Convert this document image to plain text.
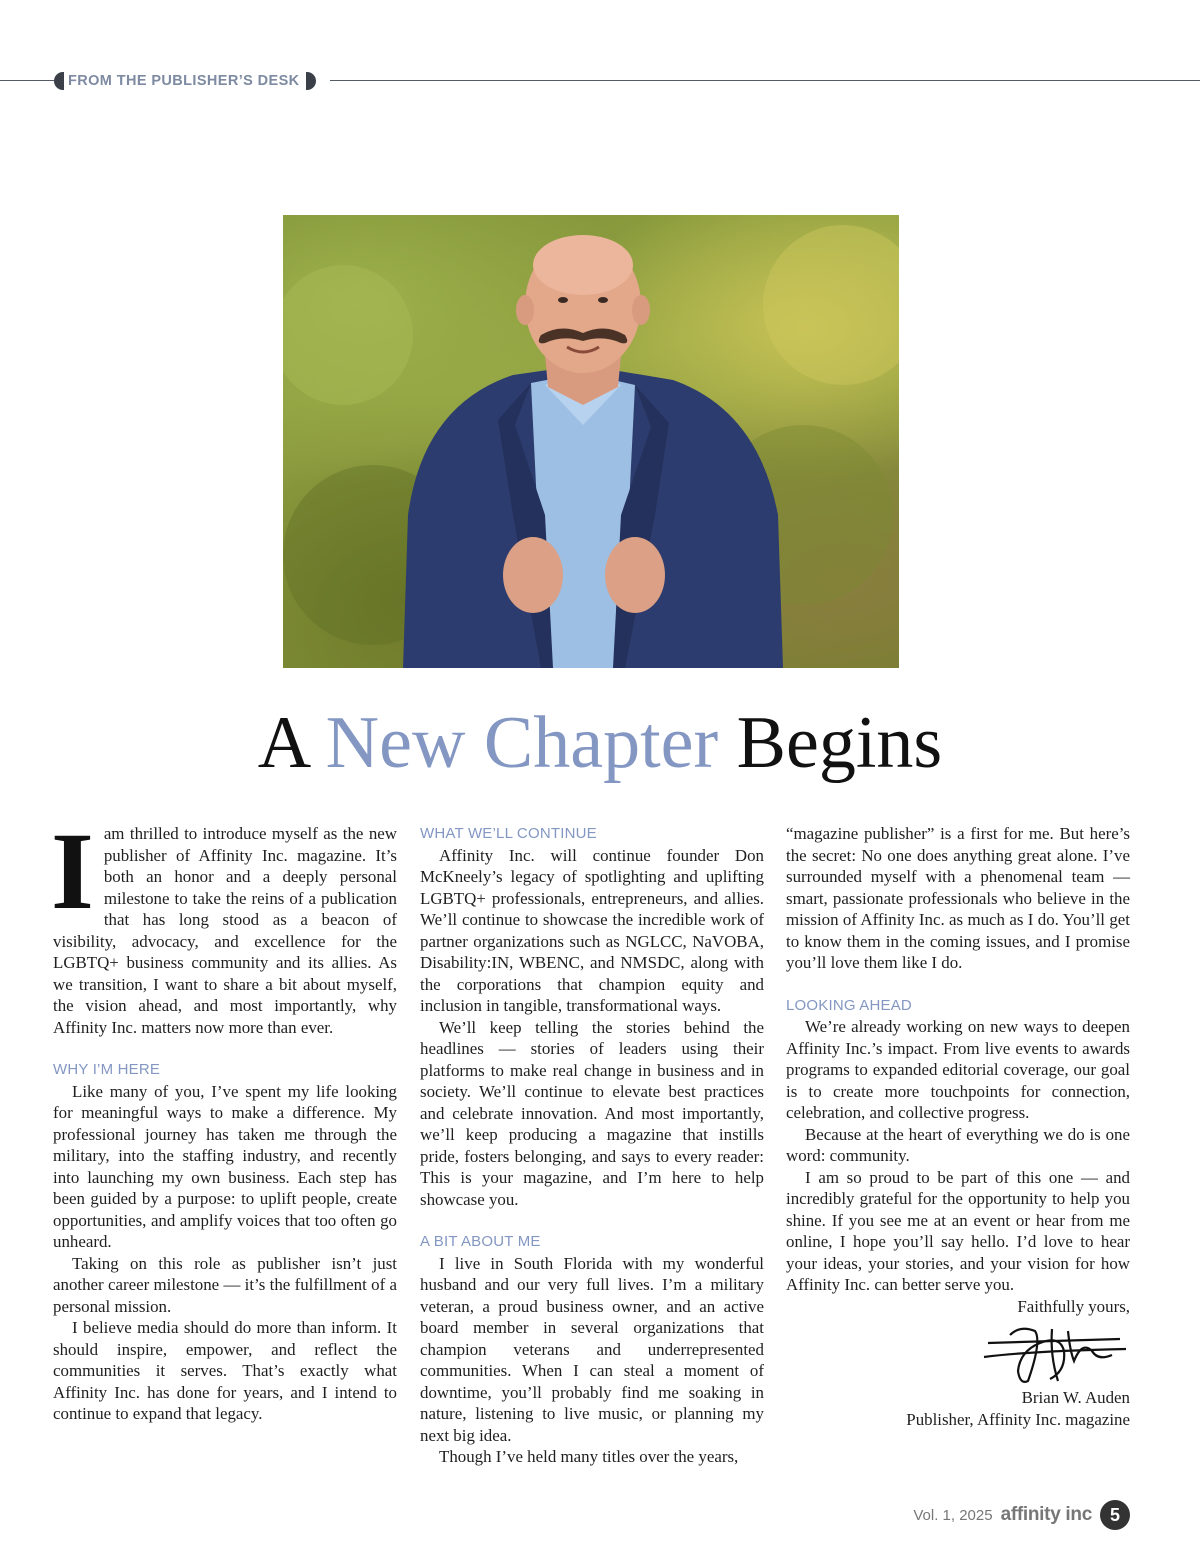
FROM THE PUBLISHER’S DESK
A New Chapter Begins

Iam thrilled to introduce myself as the new publisher of Affinity Inc. magazine. It’s both an honor and a deeply personal milestone to take the reins of a publication that has long stood as a beacon of visibility, advocacy, and excellence for the LGBTQ+ business community and its allies. As we transition, I want to share a bit about myself, the vision ahead, and most importantly, why Affinity Inc. matters now more than ever.

WHY I’M HERE

Like many of you, I’ve spent my life looking for meaningful ways to make a difference. My professional journey has taken me through the military, into the staffing industry, and recently into launching my own business. Each step has been guided by a purpose: to uplift people, create opportunities, and amplify voices that too often go unheard.

Taking on this role as publisher isn’t just another career milestone — it’s the fulfillment of a personal mission.

I believe media should do more than inform. It should inspire, empower, and reflect the communities it serves. That’s exactly what Affinity Inc. has done for years, and I intend to continue to expand that legacy.

WHAT WE’LL CONTINUE

Affinity Inc. will continue founder Don McKneely’s legacy of spotlighting and uplifting LGBTQ+ professionals, entrepreneurs, and allies. We’ll continue to showcase the incredible work of partner organizations such as NGLCC, NaVOBA, Disability:IN, WBENC, and NMSDC, along with the corporations that champion equity and inclusion in tangible, transformational ways.

We’ll keep telling the stories behind the headlines — stories of leaders using their platforms to make real change in business and in society. We’ll continue to elevate best practices and celebrate innovation. And most importantly, we’ll keep producing a magazine that instills pride, fosters belonging, and says to every reader: This is your magazine, and I’m here to help showcase you.

A BIT ABOUT ME

I live in South Florida with my wonderful husband and our very full lives. I’m a military veteran, a proud business owner, and an active board member in several organizations that champion veterans and underrepresented communities. When I can steal a moment of downtime, you’ll probably find me soaking in nature, listening to live music, or planning my next big idea.

Though I’ve held many titles over the years,

“magazine publisher” is a first for me. But here’s the secret: No one does anything great alone. I’ve surrounded myself with a phenomenal team — smart, passionate professionals who believe in the mission of Affinity Inc. as much as I do. You’ll get to know them in the coming issues, and I promise you’ll love them like I do.

LOOKING AHEAD

We’re already working on new ways to deepen Affinity Inc.’s impact. From live events to awards programs to expanded editorial coverage, our goal is to create more touchpoints for connection, celebration, and collective progress.

Because at the heart of everything we do is one word: community.

I am so proud to be part of this one — and incredibly grateful for the opportunity to help you shine. If you see me at an event or hear from me online, I hope you’ll say hello. I’d love to hear your ideas, your stories, and your vision for how Affinity Inc. can better serve you.

Faithfully yours,
Brian W. Auden
Publisher, Affinity Inc. magazine
Vol. 1, 2025 affinity inc 5
